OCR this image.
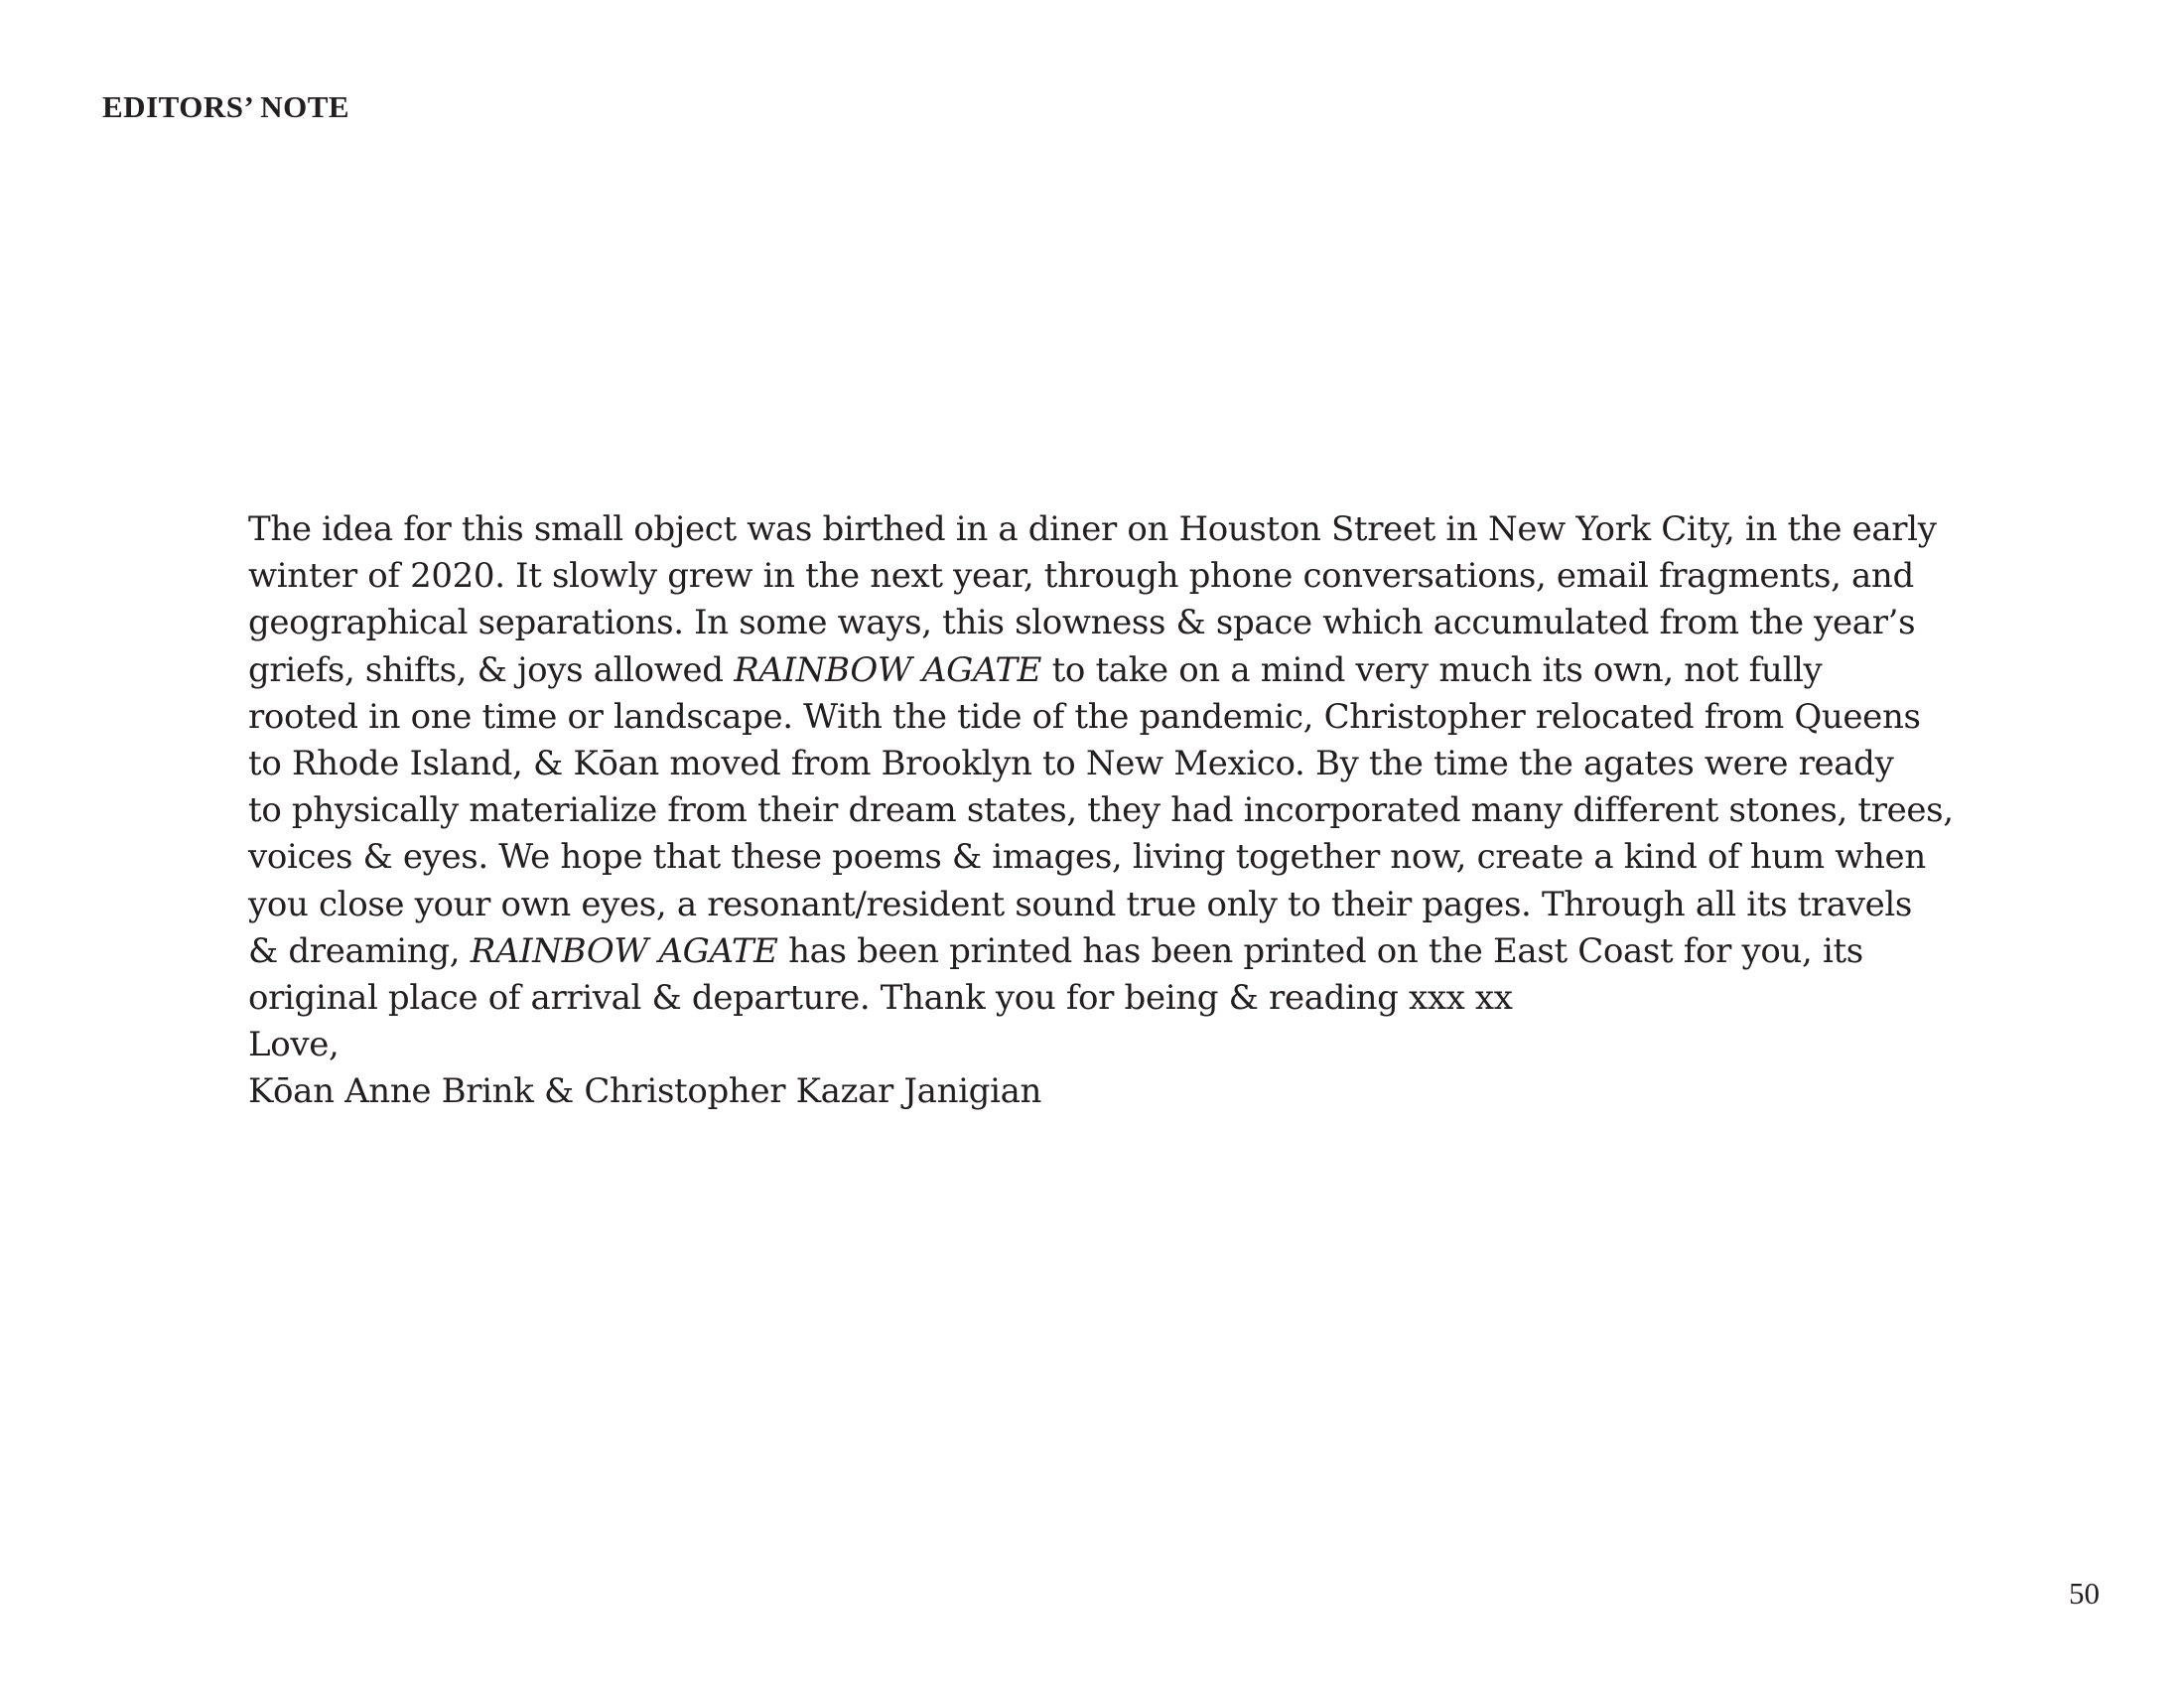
EDITORS’ NOTE

The idea for this small object was birthed in a diner on Houston Street in New York City, in the early
winter of 2020. It slowly grew in the next year, through phone conversations, email fragments, and
geographical separations. In some ways, this slowness & space which accumulated from the year’s
griefs, shifts, & joys allowed RAINBOW AGATE to take on a mind very much its own, not fully
rooted in one time or landscape. With the tide of the pandemic, Christopher relocated from Queens
to Rhode Island, & Kōan moved from Brooklyn to New Mexico. By the time the agates were ready
to physically materialize from their dream states, they had incorporated many different stones, trees,
voices & eyes. We hope that these poems & images, living together now, create a kind of hum when
you close your own eyes, a resonant/resident sound true only to their pages. Through all its travels
& dreaming, RAINBOW AGATE has been printed has been printed on the East Coast for you, its
original place of arrival & departure. Thank you for being & reading xxx xx

Love,

Kōan Anne Brink & Christopher Kazar Janigian

50
